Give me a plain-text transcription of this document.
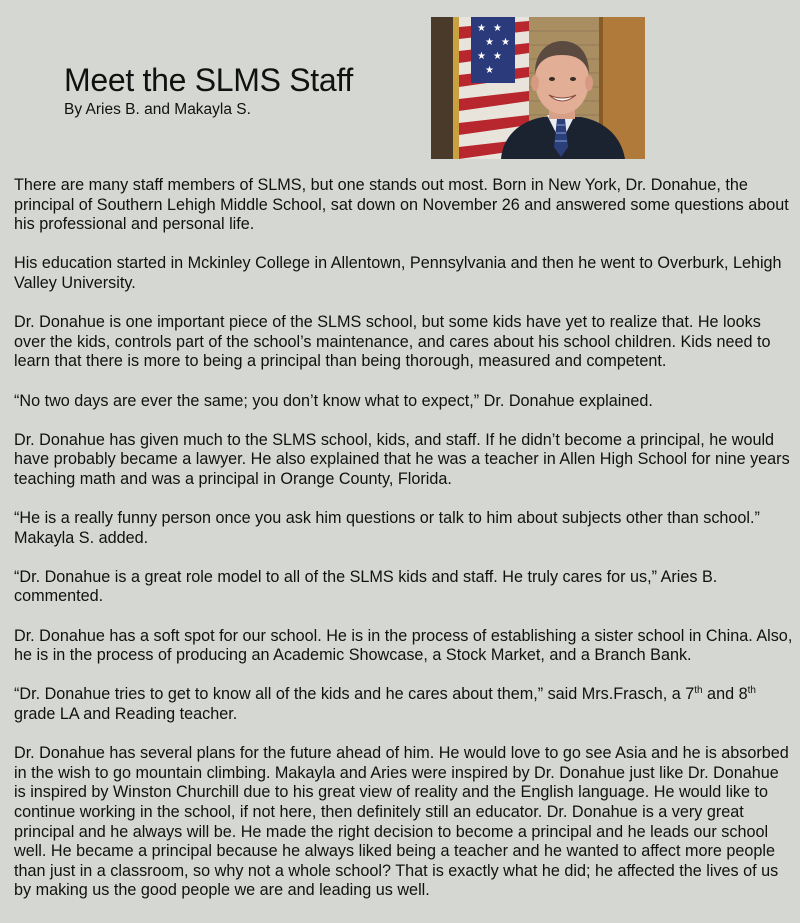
Meet the SLMS Staff
By Aries B. and Makayla S.
★ ★
★ ★
★ ★
★

There are many staff members of SLMS, but one stands out most. Born in New York, Dr. Donahue, the principal of Southern Lehigh Middle School, sat down on November 26 and answered some questions about his professional and personal life.

His education started in Mckinley College in Allentown, Pennsylvania and then he went to Overburk, Lehigh Valley University.

Dr. Donahue is one important piece of the SLMS school, but some kids have yet to realize that. He looks over the kids, controls part of the school’s maintenance, and cares about his school children. Kids need to learn that there is more to being a principal than being thorough, measured and competent.

“No two days are ever the same; you don’t know what to expect,” Dr. Donahue explained.

Dr. Donahue has given much to the SLMS school, kids, and staff. If he didn’t become a principal, he would have probably became a lawyer. He also explained that he was a teacher in Allen High School for nine years teaching math and was a principal in Orange County, Florida.

“He is a really funny person once you ask him questions or talk to him about subjects other than school.” Makayla S. added.

“Dr. Donahue is a great role model to all of the SLMS kids and staff. He truly cares for us,” Aries B. commented.

Dr. Donahue has a soft spot for our school. He is in the process of establishing a sister school in China. Also, he is in the process of producing an Academic Showcase, a Stock Market, and a Branch Bank.

“Dr. Donahue tries to get to know all of the kids and he cares about them,” said Mrs.Frasch, a 7th and 8th grade LA and Reading teacher.

Dr. Donahue has several plans for the future ahead of him. He would love to go see Asia and he is absorbed in the wish to go mountain climbing. Makayla and Aries were inspired by Dr. Donahue just like Dr. Donahue is inspired by Winston Churchill due to his great view of reality and the English language. He would like to continue working in the school, if not here, then definitely still an educator. Dr. Donahue is a very great principal and he always will be. He made the right decision to become a principal and he leads our school well. He became a principal because he always liked being a teacher and he wanted to affect more people than just in a classroom, so why not a whole school? That is exactly what he did; he affected the lives of us by making us the good people we are and leading us well.
